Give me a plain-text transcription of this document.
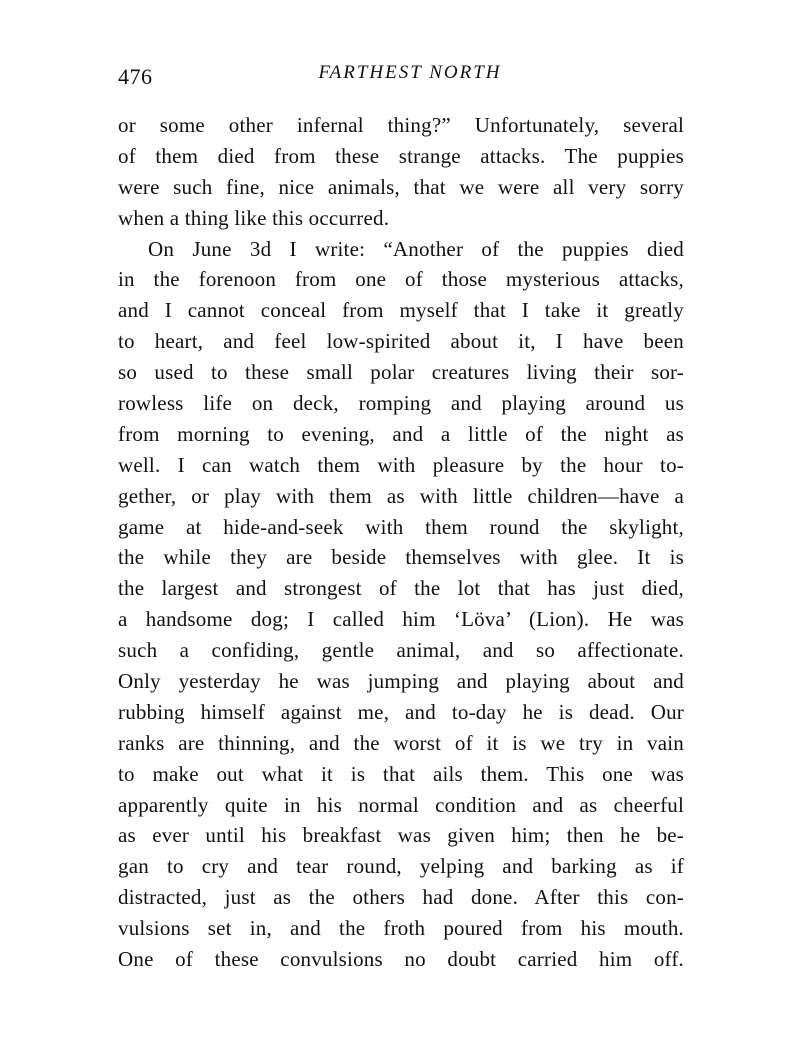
476	FARTHEST NORTH
or some other infernal thing?” Unfortunately, several
of them died from these strange attacks. The puppies
were such fine, nice animals, that we were all very sorry
when a thing like this occurred.
On June 3d I write: “Another of the puppies died
in the forenoon from one of those mysterious attacks,
and I cannot conceal from myself that I take it greatly
to heart, and feel low-spirited about it, I have been
so used to these small polar creatures living their sor-
rowless life on deck, romping and playing around us
from morning to evening, and a little of the night as
well. I can watch them with pleasure by the hour to-
gether, or play with them as with little children—have a
game at hide-and-seek with them round the skylight,
the while they are beside themselves with glee. It is
the largest and strongest of the lot that has just died,
a handsome dog; I called him ‘Löva’ (Lion). He was
such a confiding, gentle animal, and so affectionate.
Only yesterday he was jumping and playing about and
rubbing himself against me, and to-day he is dead. Our
ranks are thinning, and the worst of it is we try in vain
to make out what it is that ails them. This one was
apparently quite in his normal condition and as cheerful
as ever until his breakfast was given him; then he be-
gan to cry and tear round, yelping and barking as if
distracted, just as the others had done. After this con-
vulsions set in, and the froth poured from his mouth.
One of these convulsions no doubt carried him off.
